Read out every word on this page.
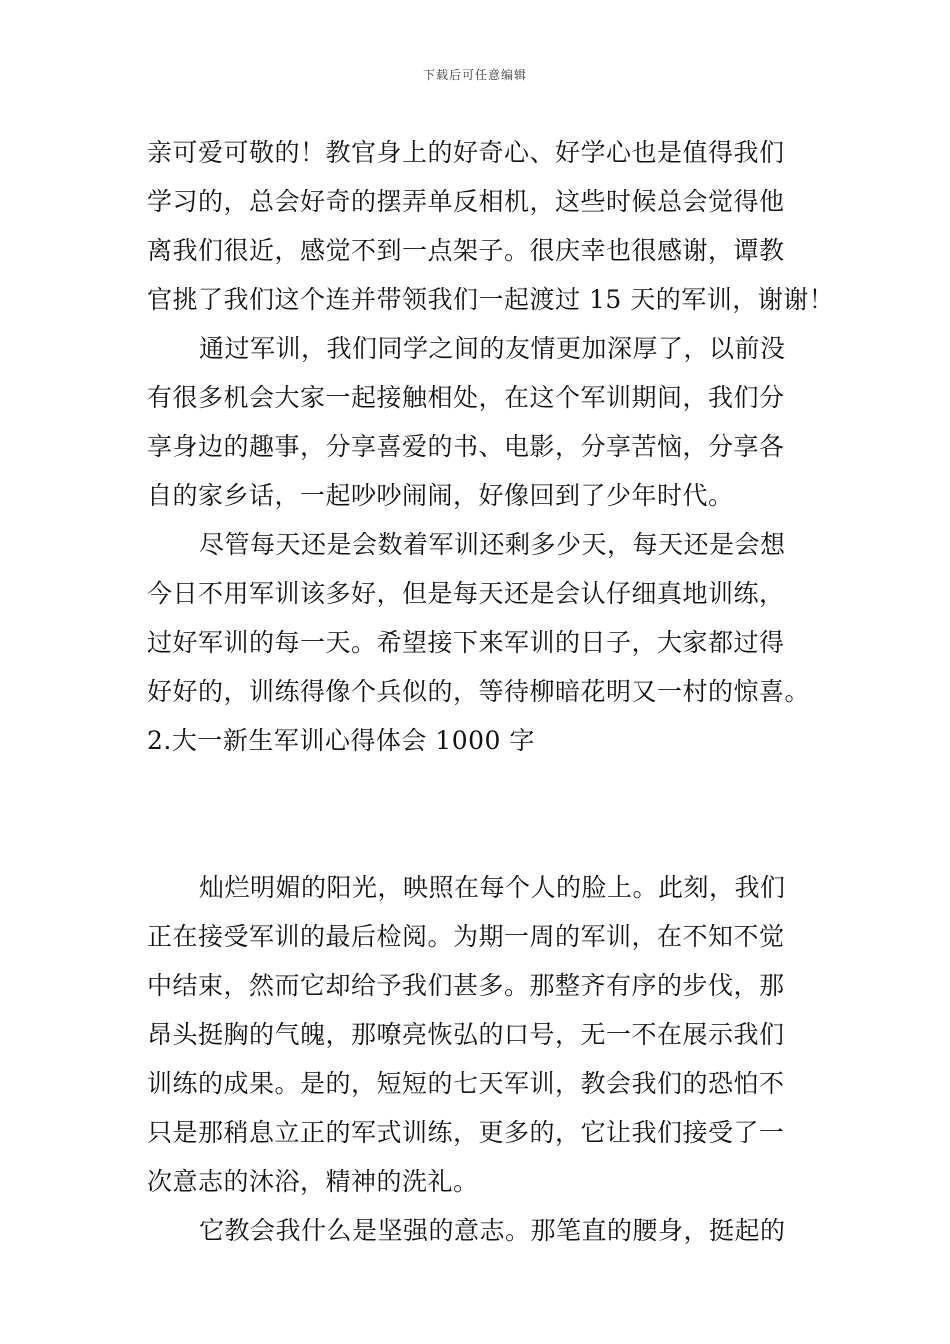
下载后可任意编辑
亲可爱可敬的！教官身上的好奇心、好学心也是值得我们
学习的，总会好奇的摆弄单反相机，这些时候总会觉得他
离我们很近，感觉不到一点架子。很庆幸也很感谢，谭教
官挑了我们这个连并带领我们一起渡过 15 天的军训，谢谢！
通过军训，我们同学之间的友情更加深厚了，以前没
有很多机会大家一起接触相处，在这个军训期间，我们分
享身边的趣事，分享喜爱的书、电影，分享苦恼，分享各
自的家乡话，一起吵吵闹闹，好像回到了少年时代。
尽管每天还是会数着军训还剩多少天，每天还是会想
今日不用军训该多好，但是每天还是会认仔细真地训练，
过好军训的每一天。希望接下来军训的日子，大家都过得
好好的，训练得像个兵似的，等待柳暗花明又一村的惊喜。
2.大一新生军训心得体会 1000 字
灿烂明媚的阳光，映照在每个人的脸上。此刻，我们
正在接受军训的最后检阅。为期一周的军训，在不知不觉
中结束，然而它却给予我们甚多。那整齐有序的步伐，那
昂头挺胸的气魄，那嘹亮恢弘的口号，无一不在展示我们
训练的成果。是的，短短的七天军训，教会我们的恐怕不
只是那稍息立正的军式训练，更多的，它让我们接受了一
次意志的沐浴，精神的洗礼。
它教会我什么是坚强的意志。那笔直的腰身，挺起的
